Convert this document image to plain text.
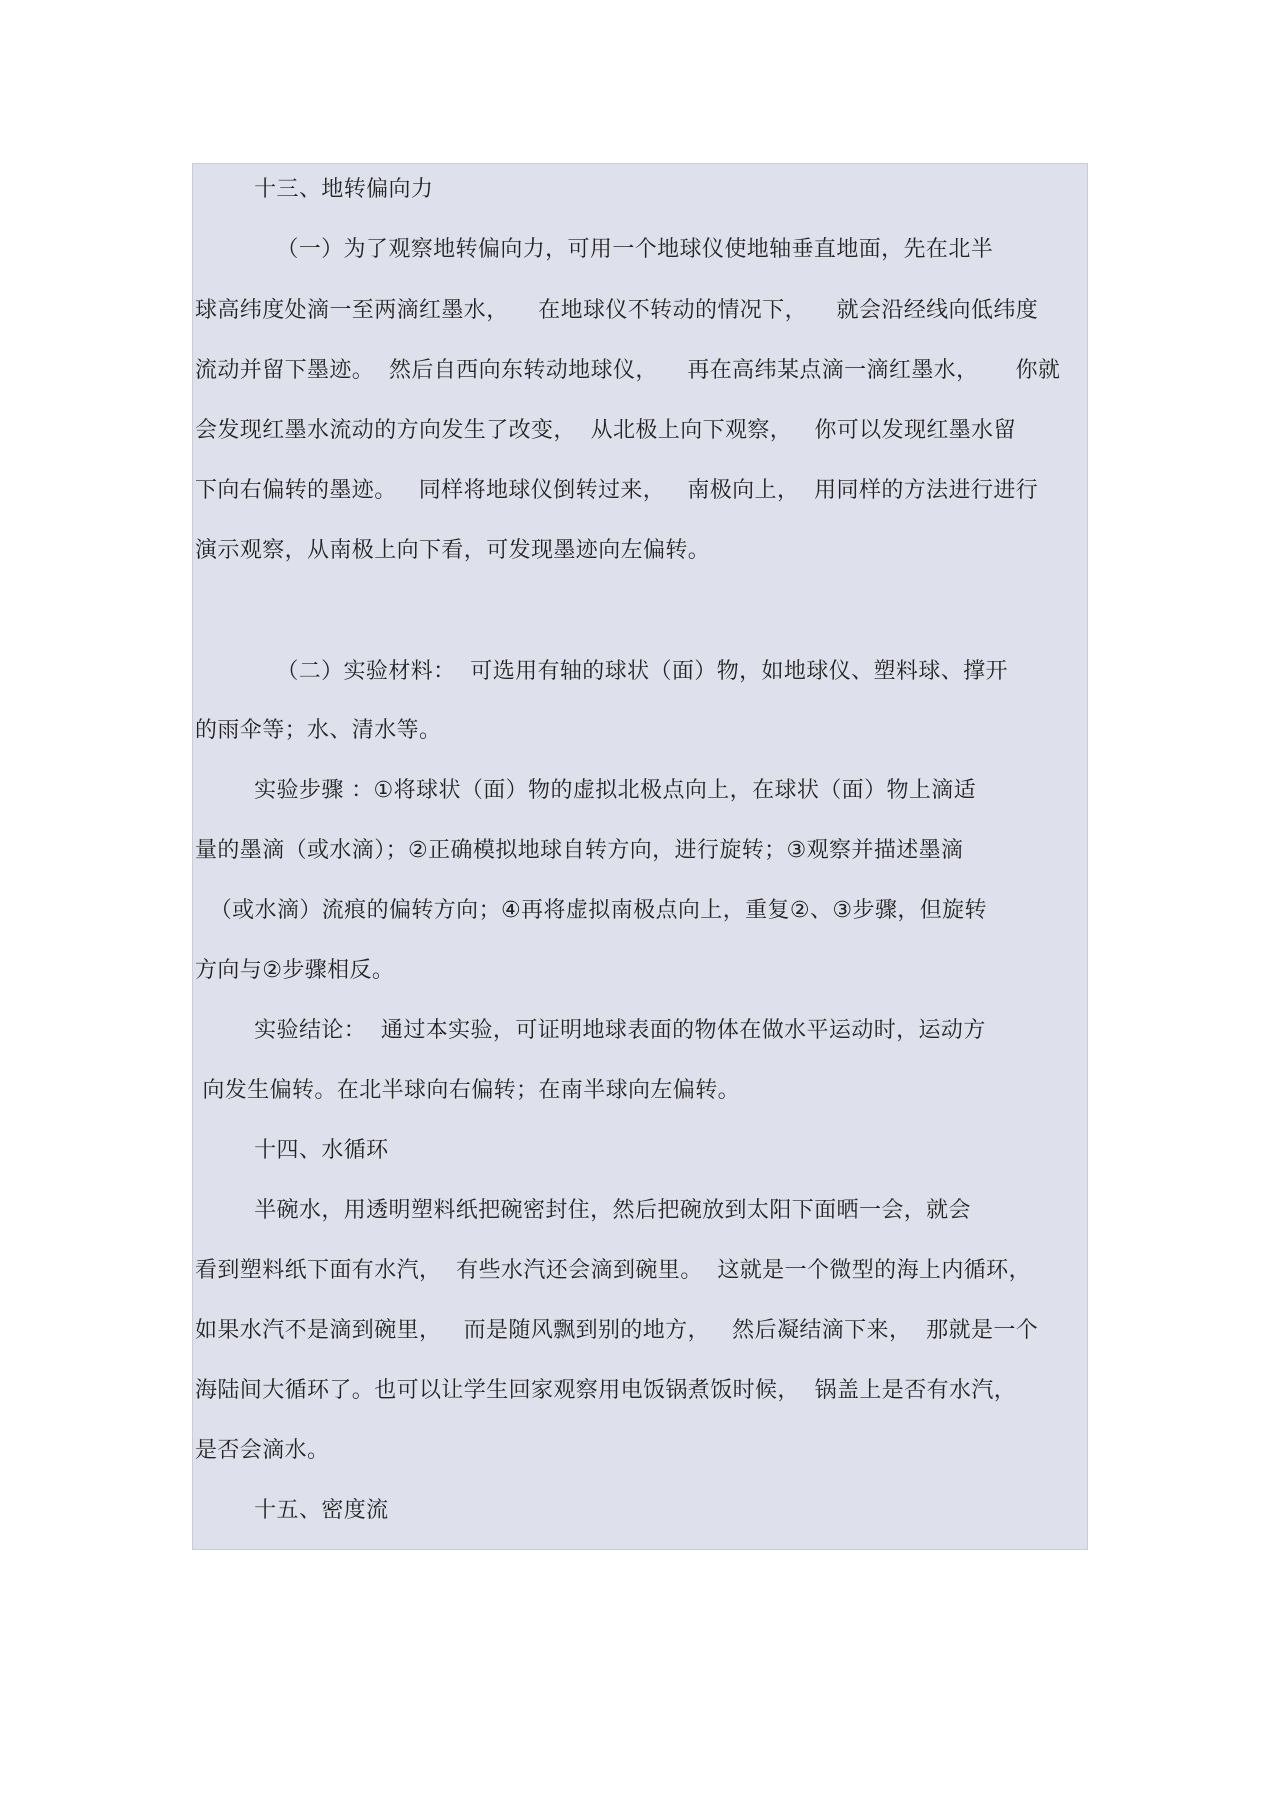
十三、地转偏向力
（一）为了观察地转偏向力，可用一个地球仪使地轴垂直地面，先在北半
球高纬度处滴一至两滴红墨水，    在地球仪不转动的情况下，    就会沿经线向低纬度
流动并留下墨迹。  然后自西向东转动地球仪，    再在高纬某点滴一滴红墨水，     你就
会发现红墨水流动的方向发生了改变，  从北极上向下观察，   你可以发现红墨水留
下向右偏转的墨迹。   同样将地球仪倒转过来，   南极向上，  用同样的方法进行进行
演示观察，从南极上向下看，可发现墨迹向左偏转。
（二）实验材料：  可选用有轴的球状（面）物，如地球仪、塑料球、撑开
的雨伞等；水、清水等。
实验步骤 ：①将球状（面）物的虚拟北极点向上，在球状（面）物上滴适
量的墨滴（或水滴）；②正确模拟地球自转方向，进行旋转；③观察并描述墨滴
（或水滴）流痕的偏转方向；④再将虚拟南极点向上，重复②、③步骤，但旋转
方向与②步骤相反。
实验结论：  通过本实验，可证明地球表面的物体在做水平运动时，运动方
向发生偏转。在北半球向右偏转；在南半球向左偏转。
十四、水循环
半碗水，用透明塑料纸把碗密封住，然后把碗放到太阳下面晒一会，就会
看到塑料纸下面有水汽，  有些水汽还会滴到碗里。  这就是一个微型的海上内循环，
如果水汽不是滴到碗里，   而是随风飘到别的地方，   然后凝结滴下来，  那就是一个
海陆间大循环了。也可以让学生回家观察用电饭锅煮饭时候，  锅盖上是否有水汽，
是否会滴水。
十五、密度流
